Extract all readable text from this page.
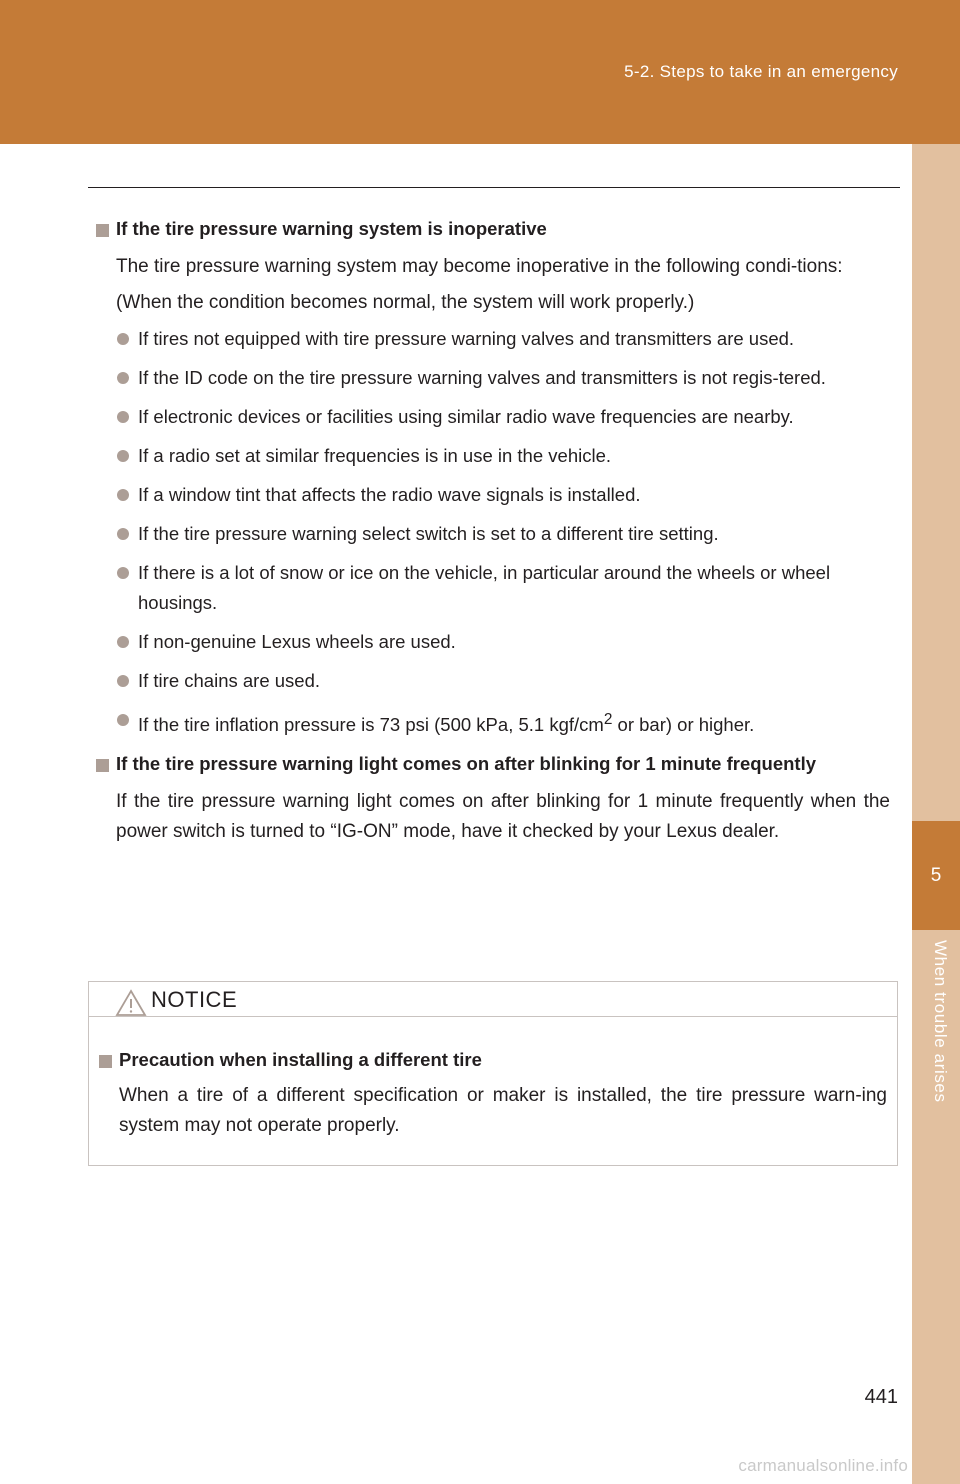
5-2. Steps to take in an emergency
5
When trouble arises
If the tire pressure warning system is inoperative

The tire pressure warning system may become inoperative in the following condi-tions:

(When the condition becomes normal, the system will work properly.)

If tires not equipped with tire pressure warning valves and transmitters are used.
If the ID code on the tire pressure warning valves and transmitters is not regis-tered.
If electronic devices or facilities using similar radio wave frequencies are nearby.
If a radio set at similar frequencies is in use in the vehicle.
If a window tint that affects the radio wave signals is installed.
If the tire pressure warning select switch is set to a different tire setting.
If there is a lot of snow or ice on the vehicle, in particular around the wheels or wheel housings.
If non-genuine Lexus wheels are used.
If tire chains are used.
If the tire inflation pressure is 73 psi (500 kPa, 5.1 kgf/$cm^2$ or bar) or higher.
If the tire pressure warning light comes on after blinking for 1 minute frequently

If the tire pressure warning light comes on after blinking for 1 minute frequently when the power switch is turned to “IG-ON” mode, have it checked by your Lexus dealer.

NOTICE
Precaution when installing a different tire

When a tire of a different specification or maker is installed, the tire pressure warn-ing system may not operate properly.

441
carmanualsonline.info
